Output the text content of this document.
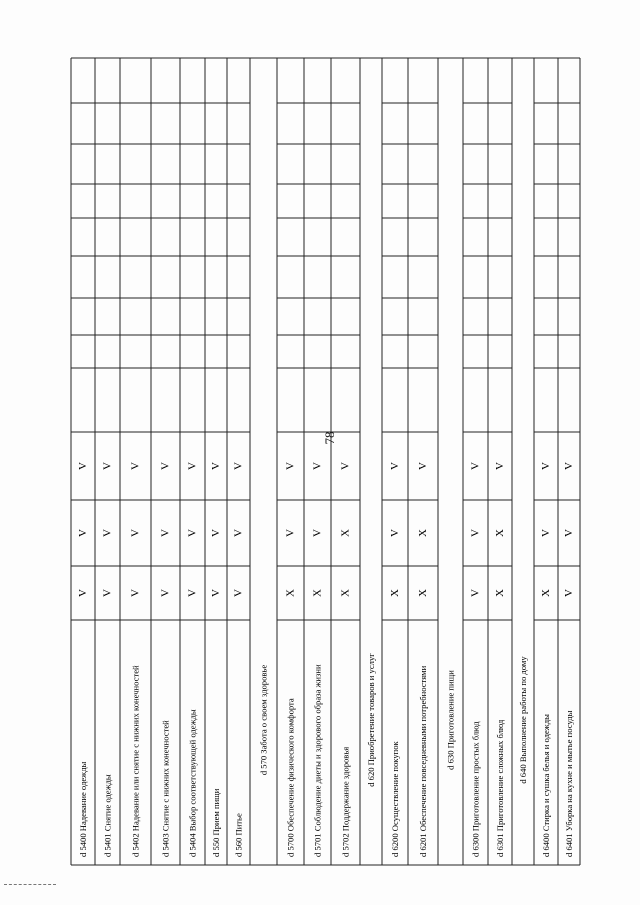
78
d 5400 Надевание одежды
V
V
V
d 5401 Снятие одежды
V
V
V
d 5402 Надевание или снятие с нижних конечностей
V
V
V
d 5403 Снятие с нижних конечностей
V
V
V
d 5404 Выбор соответствующей одежды
V
V
V
d 550 Прием пищи
V
V
V
d 560 Питье
V
V
V
d 570 Забота о своем здоровье d 5700 Обеспечение физического комфорта
X
V
V
d 5701 Соблюдение диеты и здорового образа жизни
X
V
V
d 5702 Поддержание здоровья
X
X
V
d 620 Приобретение товаров и услуг
d 6200 Осуществление покупок
X
V
V
d 6201 Обеспечение повседневными потребностями
X
X
V
d 630 Приготовление пищи
d 6300 Приготовление простых блюд
V
V
V
d 6301 Приготовление сложных блюд
X
X
V
d 640 Выполнение работы по дому d 6400 Стирка и сушка белья и одежды
X
V
V
d 6401 Уборка на кухне и мытье посуды
V
V
V
